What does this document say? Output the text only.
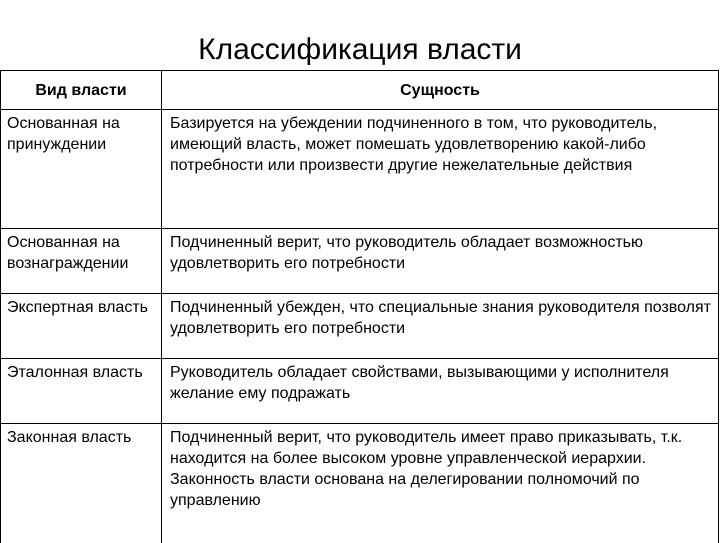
Классификация власти
Вид власти	Сущность
Основанная на принуждении	Базируется на убеждении подчиненного в том, что руководитель, имеющий власть, может помешать удовлетворению какой-либо потребности или произвести другие нежелательные действия
Основанная на вознаграждении	Подчиненный верит, что руководитель обладает возможностью удовлетворить его потребности
Экспертная власть	Подчиненный убежден, что специальные знания руководителя позволят удовлетворить его потребности
Эталонная власть	Руководитель обладает свойствами, вызывающими у исполнителя желание ему подражать
Законная власть	Подчиненный верит, что руководитель имеет право приказывать, т.к. находится на более высоком уровне управленческой иерархии. Законность власти основана на делегировании полномочий по управлению
